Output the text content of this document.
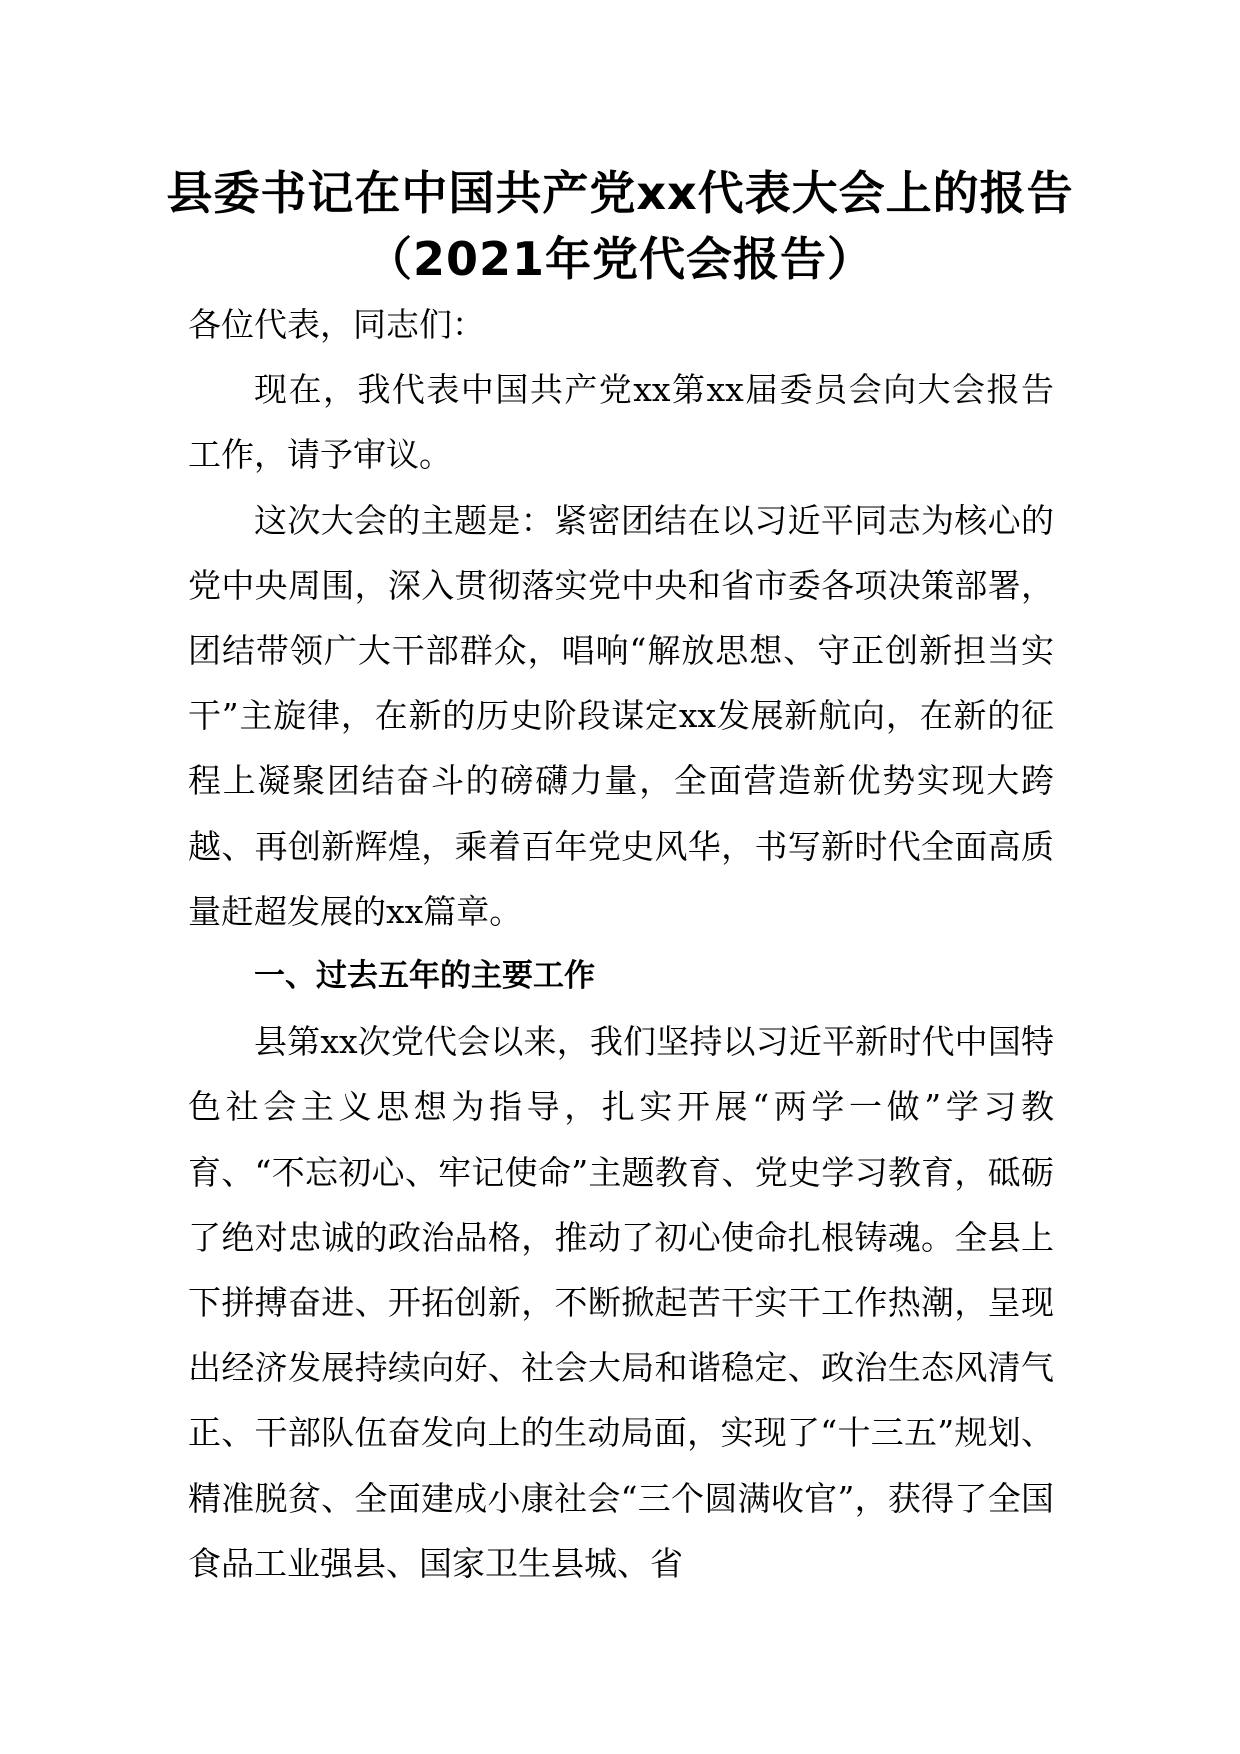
县委书记在中国共产党xx代表大会上的报告（2021年党代会报告）

各位代表，同志们：

现在，我代表中国共产党xx第xx届委员会向大会报告工作，请予审议。

这次大会的主题是：紧密团结在以习近平同志为核心的党中央周围，深入贯彻落实党中央和省市委各项决策部署，团结带领广大干部群众，唱响“解放思想、守正创新担当实干”主旋律，在新的历史阶段谋定xx发展新航向，在新的征程上凝聚团结奋斗的磅礴力量，全面营造新优势实现大跨越、再创新辉煌，乘着百年党史风华，书写新时代全面高质量赶超发展的xx篇章。

一、过去五年的主要工作

县第xx次党代会以来，我们坚持以习近平新时代中国特色社会主义思想为指导，扎实开展“两学一做”学习教育、“不忘初心、牢记使命”主题教育、党史学习教育，砥砺了绝对忠诚的政治品格，推动了初心使命扎根铸魂。全县上下拼搏奋进、开拓创新，不断掀起苦干实干工作热潮，呈现出经济发展持续向好、社会大局和谐稳定、政治生态风清气正、干部队伍奋发向上的生动局面，实现了“十三五”规划、精准脱贫、全面建成小康社会“三个圆满收官”，获得了全国食品工业强县、国家卫生县城、省
